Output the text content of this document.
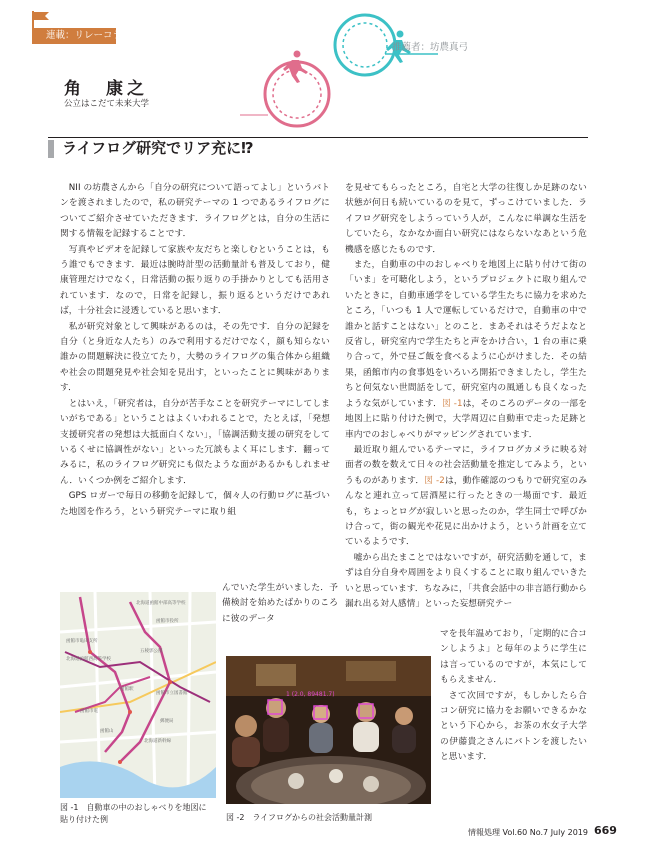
連載：リレーコラム
推薦者：坊農真弓
角　康之
公立はこだて未来大学
ライフログ研究でリア充に⁉

NII の坊農さんから「自分の研究について語ってよし」というバトンを渡されましたので，私の研究テーマの 1 つであるライフログについてご紹介させていただきます．ライフログとは，自分の生活に関する情報を記録することです．

写真やビデオを記録して家族や友だちと楽しむということは，もう誰でもできます．最近は腕時計型の活動量計も普及しており，健康管理だけでなく，日常活動の振り返りの手掛かりとしても活用されています．なので，日常を記録し，振り返るというだけであれば，十分社会に浸透していると思います．

私が研究対象として興味があるのは，その先です．自分の記録を自分（と身近な人たち）のみで利用するだけでなく，顔も知らない誰かの問題解決に役立てたり，大勢のライフログの集合体から組織や社会の問題発見や社会知を見出す，といったことに興味があります．

とはいえ，「研究者は，自分が苦手なことを研究テーマにしてしまいがちである」ということはよくいわれることで，たとえば，「発想支援研究者の発想は大抵面白くない」，「協調活動支援の研究をしているくせに協調性がない」といった冗談もよく耳にします．翻ってみるに，私のライフログ研究にも似たような面があるかもしれません．いくつか例をご紹介します．

GPS ロガーで毎日の移動を記録して，個々人の行動ログに基づいた地図を作ろう，という研究テーマに取り組

んでいた学生がいました．予備検討を始めたばかりのころに彼のデータ

を見せてもらったところ，自宅と大学の往復しか足跡のない状態が何日も続いているのを見て，ずっこけていました．ライフログ研究をしようっていう人が，こんなに単調な生活をしていたら，なかなか面白い研究にはならないなあという危機感を感じたものです．

また，自動車の中のおしゃべりを地図上に貼り付けて街の「いま」を可聴化しよう，というプロジェクトに取り組んでいたときに，自動車通学をしている学生たちに協力を求めたところ，「いつも 1 人で運転しているだけで，自動車の中で誰かと話すことはない」とのこと．まあそれはそうだよなと反省し，研究室内で学生たちと声をかけ合い，1 台の車に乗り合って，外で昼ご飯を食べるように心がけました．その結果，函館市内の食事処をいろいろ開拓できましたし，学生たちと何気ない世間話をして，研究室内の風通しも良くなったような気がしています．図 -1は，そのころのデータの一部を地図上に貼り付けた例で，大学周辺に自動車で走った足跡と車内でのおしゃべりがマッピングされています．

最近取り組んでいるテーマに，ライフログカメラに映る対面者の数を数えて日々の社会活動量を推定してみよう，というものがあります．図 -2は，動作確認のつもりで研究室のみんなと連れ立って居酒屋に行ったときの一場面です．最近も，ちょっとログが寂しいと思ったのか，学生同士で呼びかけ合って，街の観光や花見に出かけよう，という計画を立てているようです．

嘘から出たまことではないですが，研究活動を通して，まずは自分自身や周囲をより良くすることに取り組んでいきたいと思っています．ちなみに，「共食会話中の非言語行動から漏れ出る対人感情」といった妄想研究テー

マを長年温めており，「定期的に合コンしようよ」と毎年のように学生には言っているのですが，本気にしてもらえません．

さて次回ですが，もしかしたら合コン研究に協力をお願いできるかなという下心から，お茶の水女子大学の伊藤貴之さんにバトンを渡したいと思います．

北海道函館中部高等学校
函館市役所
函館市亀田支所
北海道函館西高等学校
五稜郭公園
函館駅
函館市立図書館
函館市電
函館山
北海道新幹線
郵便局
図 -1　自動車の中のおしゃべりを地図に
貼り付けた例
1 (2.0, 89481.7)
図 -2　ライフログからの社会活動量計測
情報処理 Vol.60 No.7 July 2019 669
